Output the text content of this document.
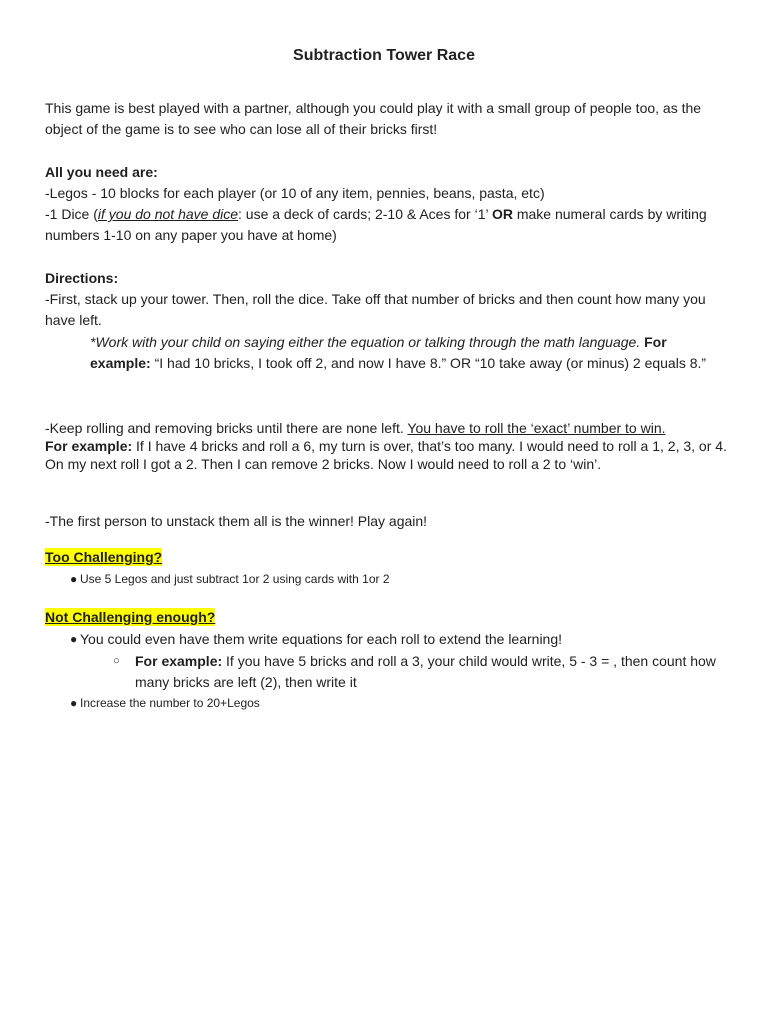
Subtraction Tower Race
This game is best played with a partner, although you could play it with a small group of people too, as the object of the game is to see who can lose all of their bricks first!
All you need are:
-Legos - 10 blocks for each player (or 10 of any item, pennies, beans, pasta, etc)
-1 Dice (if you do not have dice: use a deck of cards; 2-10 & Aces for ‘1’ OR make numeral cards by writing numbers 1-10 on any paper you have at home)
Directions:
-First, stack up your tower. Then, roll the dice. Take off that number of bricks and then count how many you have left.
*Work with your child on saying either the equation or talking through the math language. For example: “I had 10 bricks, I took off 2, and now I have 8.” OR “10 take away (or minus) 2 equals 8.”
-Keep rolling and removing bricks until there are none left. You have to roll the ‘exact’ number to win.
For example: If I have 4 bricks and roll a 6, my turn is over, that’s too many. I would need to roll a 1, 2, 3, or 4. On my next roll I got a 2. Then I can remove 2 bricks. Now I would need to roll a 2 to ‘win’.
-The first person to unstack them all is the winner! Play again!
Too Challenging?
● Use 5 Legos and just subtract 1or 2 using cards with 1or 2
Not Challenging enough?
● You could even have them write equations for each roll to extend the learning!
○ For example: If you have 5 bricks and roll a 3, your child would write, 5 - 3 = , then count how many bricks are left (2), then write it
● Increase the number to 20+Legos
